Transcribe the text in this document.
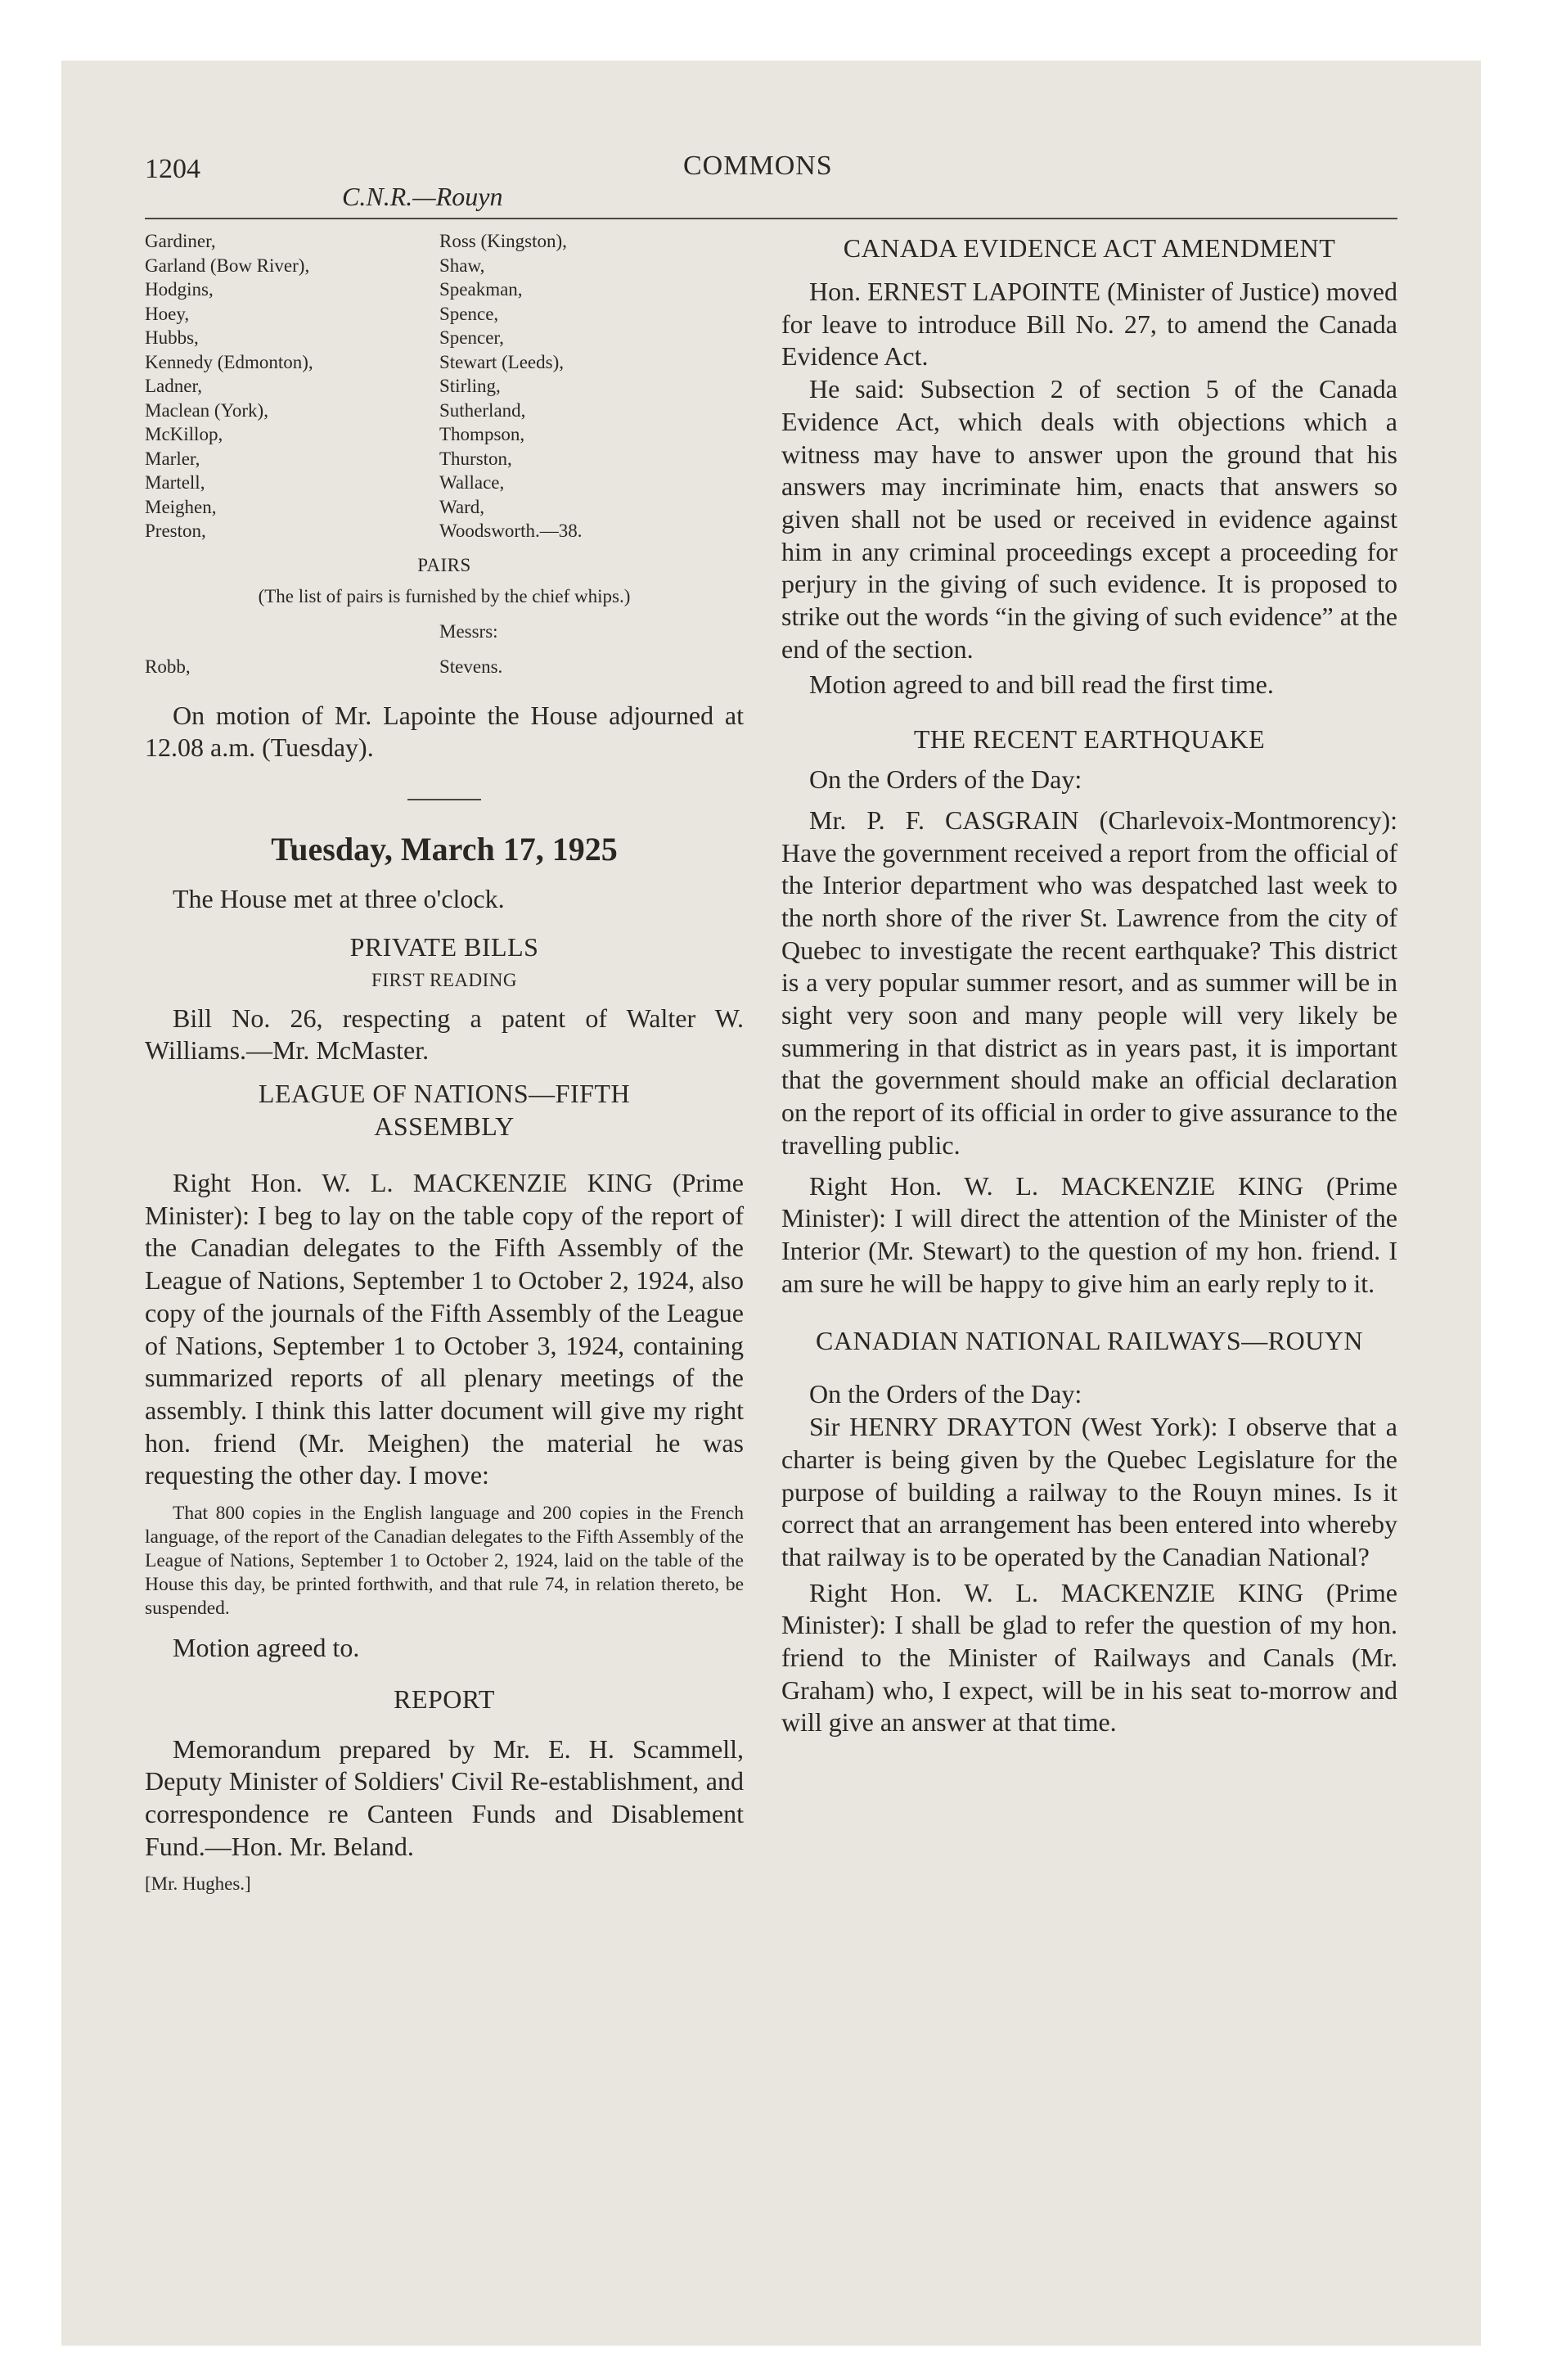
1204	COMMONS
C.N.R.—Rouyn
Gardiner,
Garland (Bow River),
Hodgins,
Hoey,
Hubbs,
Kennedy (Edmonton),
Ladner,
Maclean (York),
McKillop,
Marler,
Martell,
Meighen,
Preston,
Ross (Kingston),
Shaw,
Speakman,
Spence,
Spencer,
Stewart (Leeds),
Stirling,
Sutherland,
Thompson,
Thurston,
Wallace,
Ward,
Woodsworth.—38.
PAIRS
(The list of pairs is furnished by the chief whips.)
Messrs:
Robb,	Stevens.

On motion of Mr. Lapointe the House adjourned at 12.08 a.m. (Tuesday).

Tuesday, March 17, 1925

The House met at three o'clock.

PRIVATE BILLS
FIRST READING

Bill No. 26, respecting a patent of Walter W. Williams.—Mr. McMaster.

LEAGUE OF NATIONS—FIFTH ASSEMBLY

Right Hon. W. L. MACKENZIE KING (Prime Minister): I beg to lay on the table copy of the report of the Canadian delegates to the Fifth Assembly of the League of Nations, September 1 to October 2, 1924, also copy of the journals of the Fifth Assembly of the League of Nations, September 1 to October 3, 1924, containing summarized reports of all plenary meetings of the assembly. I think this latter document will give my right hon. friend (Mr. Meighen) the material he was requesting the other day. I move:

That 800 copies in the English language and 200 copies in the French language, of the report of the Canadian delegates to the Fifth Assembly of the League of Nations, September 1 to October 2, 1924, laid on the table of the House this day, be printed forthwith, and that rule 74, in relation thereto, be suspended.

Motion agreed to.

REPORT

Memorandum prepared by Mr. E. H. Scammell, Deputy Minister of Soldiers' Civil Re-establishment, and correspondence re Canteen Funds and Disablement Fund.—Hon. Mr. Beland.

[Mr. Hughes.]
CANADA EVIDENCE ACT AMENDMENT

Hon. ERNEST LAPOINTE (Minister of Justice) moved for leave to introduce Bill No. 27, to amend the Canada Evidence Act.

He said: Subsection 2 of section 5 of the Canada Evidence Act, which deals with objections which a witness may have to answer upon the ground that his answers may incriminate him, enacts that answers so given shall not be used or received in evidence against him in any criminal proceedings except a proceeding for perjury in the giving of such evidence. It is proposed to strike out the words “in the giving of such evidence” at the end of the section.

Motion agreed to and bill read the first time.

THE RECENT EARTHQUAKE

On the Orders of the Day:

Mr. P. F. CASGRAIN (Charlevoix-Montmorency): Have the government received a report from the official of the Interior department who was despatched last week to the north shore of the river St. Lawrence from the city of Quebec to investigate the recent earthquake? This district is a very popular summer resort, and as summer will be in sight very soon and many people will very likely be summering in that district as in years past, it is important that the government should make an official declaration on the report of its official in order to give assurance to the travelling public.

Right Hon. W. L. MACKENZIE KING (Prime Minister): I will direct the attention of the Minister of the Interior (Mr. Stewart) to the question of my hon. friend. I am sure he will be happy to give him an early reply to it.

CANADIAN NATIONAL RAILWAYS—ROUYN

On the Orders of the Day:

Sir HENRY DRAYTON (West York): I observe that a charter is being given by the Quebec Legislature for the purpose of building a railway to the Rouyn mines. Is it correct that an arrangement has been entered into whereby that railway is to be operated by the Canadian National?

Right Hon. W. L. MACKENZIE KING (Prime Minister): I shall be glad to refer the question of my hon. friend to the Minister of Railways and Canals (Mr. Graham) who, I expect, will be in his seat to-morrow and will give an answer at that time.
